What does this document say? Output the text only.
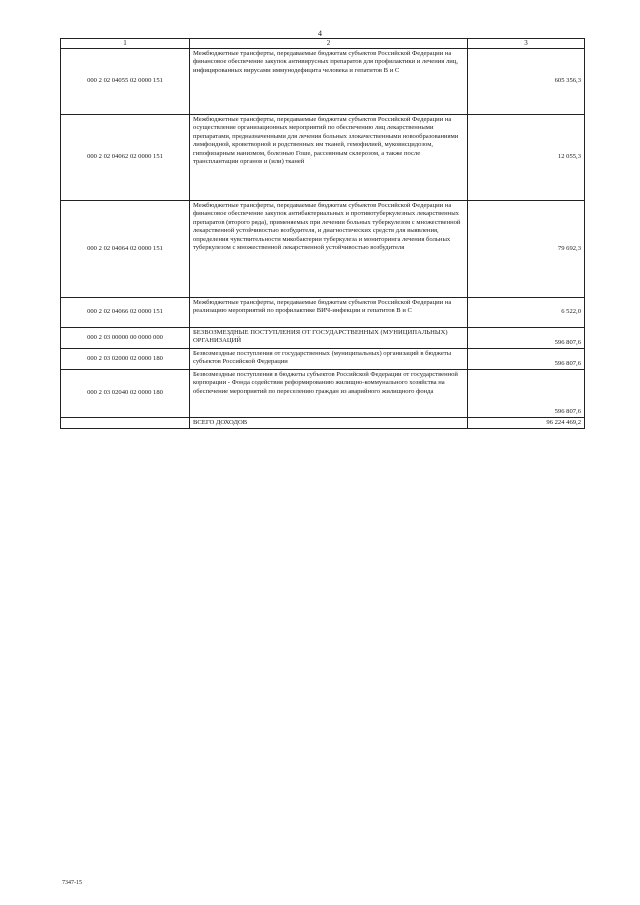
4
1	2	3
000 2 02 04055 02 0000 151	Межбюджетные трансферты, передаваемые бюджетам субъектов Российской Федерации на финансовое обеспечение закупок антивирусных препаратов для профилактики и лечения лиц, инфицированных вирусами иммунодефицита человека и гепатитов B и C	605 356,3
000 2 02 04062 02 0000 151	Межбюджетные трансферты, передаваемые бюджетам субъектов Российской Федерации на осуществление организационных мероприятий по обеспечению лиц лекарственными препаратами, предназначенными для лечения больных злокачественными новообразованиями лимфоидной, кроветворной и родственных им тканей, гемофилией, муковисцидозом, гипофизарным нанизмом, болезнью Гоше, рассеянным склерозом, а также после трансплантации органов и (или) тканей	12 055,3
000 2 02 04064 02 0000 151	Межбюджетные трансферты, передаваемые бюджетам субъектов Российской Федерации на финансовое обеспечение закупок антибактериальных и противотуберкулезных лекарственных препаратов (второго ряда), применяемых при лечении больных туберкулезом с множественной лекарственной устойчивостью возбудителя, и диагностических средств для выявления, определения чувствительности микобактерии туберкулеза и мониторинга лечения больных туберкулезом с множественной лекарственной устойчивостью возбудителя	79 692,3
000 2 02 04066 02 0000 151	Межбюджетные трансферты, передаваемые бюджетам субъектов Российской Федерации на реализацию мероприятий по профилактике ВИЧ-инфекции и гепатитов B и C	6 522,0
000 2 03 00000 00 0000 000	БЕЗВОЗМЕЗДНЫЕ ПОСТУПЛЕНИЯ ОТ ГОСУДАРСТВЕННЫХ (МУНИЦИПАЛЬНЫХ) ОРГАНИЗАЦИЙ	596 807,6
000 2 03 02000 02 0000 180	Безвозмездные поступления от государственных (муниципальных) организаций в бюджеты субъектов Российской Федерации	596 807,6
000 2 03 02040 02 0000 180	Безвозмездные поступления в бюджеты субъектов Российской Федерации от государственной корпорации - Фонда содействия реформированию жилищно-коммунального хозяйства на обеспечение мероприятий по переселению граждан из аварийного жилищного фонда	596 807,6
	ВСЕГО ДОХОДОВ	96 224 469,2
7347-15
